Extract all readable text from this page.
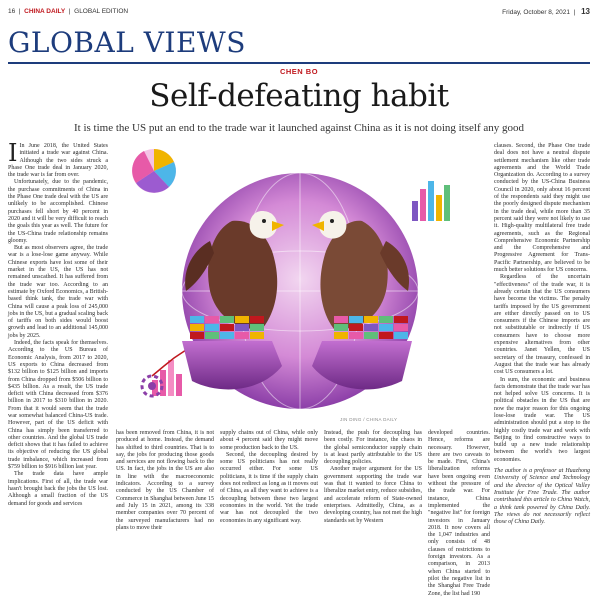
16  |  CHINA DAILY  |  GLOBAL EDITION	Friday, October 8, 2021  | 13
GLOBAL VIEWS
CHEN BO
Self-defeating habit
It is time the US put an end to the trade war it launched against China as it is not doing itself any good

I In June 2018, the United States initiated a trade war against China. Although the two sides struck a Phase One trade deal in January 2020, the trade war is far from over.

Unfortunately, due to the pandemic, the purchase commitments of China in the Phase One trade deal with the US are unlikely to be accomplished. Chinese purchases fell short by 40 percent in 2020 and it will be very difficult to reach the goals this year as well. The future for the US-China trade relationship remains gloomy.

But as most observers agree, the trade war is a lose-lose game anyway. While Chinese exports have lost some of their market in the US, the US has not remained unscathed. It has suffered from the trade war too. According to an estimate by Oxford Economics, a British-based think tank, the trade war with China will cause a peak loss of 245,000 jobs in the US, but a gradual scaling back of tariffs on both sides would boost growth and lead to an additional 145,000 jobs by 2025.

Indeed, the facts speak for themselves. According to the US Bureau of Economic Analysis, from 2017 to 2020, US exports to China decreased from $132 billion to $125 billion and imports from China dropped from $506 billion to $435 billion. As a result, the US trade deficit with China decreased from $376 billion in 2017 to $310 billion in 2020. From that it would seem that the trade war somewhat balanced China-US trade. However, part of the US deficit with China has simply been transferred to other countries. And the global US trade deficit shows that it has failed to achieve its objective of reducing the US global trade imbalance, which increased from $759 billion to $916 billion last year.

The trade data have ample implications. First of all, the trade war hasn't brought back the jobs the US lost. Although a small fraction of the US demand for goods and services

has been removed from China, it is not produced at home. Instead, the demand has shifted to third countries. That is to say, the jobs for producing those goods and services are not flowing back to the US. In fact, the jobs in the US are also in line with the macroeconomic indicators. According to a survey conducted by the US Chamber of Commerce in Shanghai between June 15 and July 15 in 2021, among its 338 member companies over 70 percent of the surveyed manufacturers had no plans to move their

supply chains out of China, while only about 4 percent said they might move some production back to the US.

Second, the decoupling desired by some US politicians has not really occurred either. For some US politicians, it is time if the supply chain does not redirect as long as it moves out of China, as all they want to achieve is a decoupling between these two largest economies in the world. Yet the trade war has not decoupled the two economies in any significant way.

Instead, the push for decoupling has been costly. For instance, the chaos in the global semiconductor supply chain is at least partly attributable to the US decoupling policies.

Another major argument for the US government supporting the trade war was that it wanted to force China to liberalize market entry, reduce subsidies, and accelerate reform of State-owned enterprises. Admittedly, China, as a developing country, has not met the high standards set by Western

developed countries. Hence, reforms are necessary. However, there are two caveats to be made. First, China's liberalization reforms have been ongoing even without the pressure of the trade war. For instance, China implemented the "negative list" for foreign investors in January 2018. It now covers all the 1,047 industries and only consists of 48 clauses of restrictions to foreign investors. As a comparison, in 2013 when China started to pilot the negative list in the Shanghai Free Trade Zone, the list had 190

clauses. Second, the Phase One trade deal does not have a neutral dispute settlement mechanism like other trade agreements and the World Trade Organization do. According to a survey conducted by the US-China Business Council in 2020, only about 16 percent of the respondents said they might use the poorly designed dispute mechanism in the trade deal, while more than 35 percent said they were not likely to use it. High-quality multilateral free trade agreements, such as the Regional Comprehensive Economic Partnership and the Comprehensive and Progressive Agreement for Trans-Pacific Partnership, are believed to be much better solutions for US concerns.

Regardless of the uncertain "effectiveness" of the trade war, it is already certain that the US consumers have become the victims. The penalty tariffs imposed by the US government are either directly passed on to US consumers if the Chinese imports are not substitutable or indirectly if US consumers have to choose more expensive alternatives from other countries. Janet Yellen, the US secretary of the treasury, confessed in August that the trade war has already cost US consumers a lot.

In sum, the economic and business facts demonstrate that the trade war has not helped solve US concerns. It is political obstacles in the US that are now the major reason for this ongoing lose-lose trade war. The US administration should put a stop to the highly costly trade war and work with Beijing to find constructive ways to build up a new trade relationship between the world's two largest economies.

The author is a professor at Huazhong University of Science and Technology and the director of the Optical Valley Institute for Free Trade. The author contributed this article to China Watch, a think tank powered by China Daily. The views do not necessarily reflect those of China Daily.

JIN DING / CHINA DAILY
